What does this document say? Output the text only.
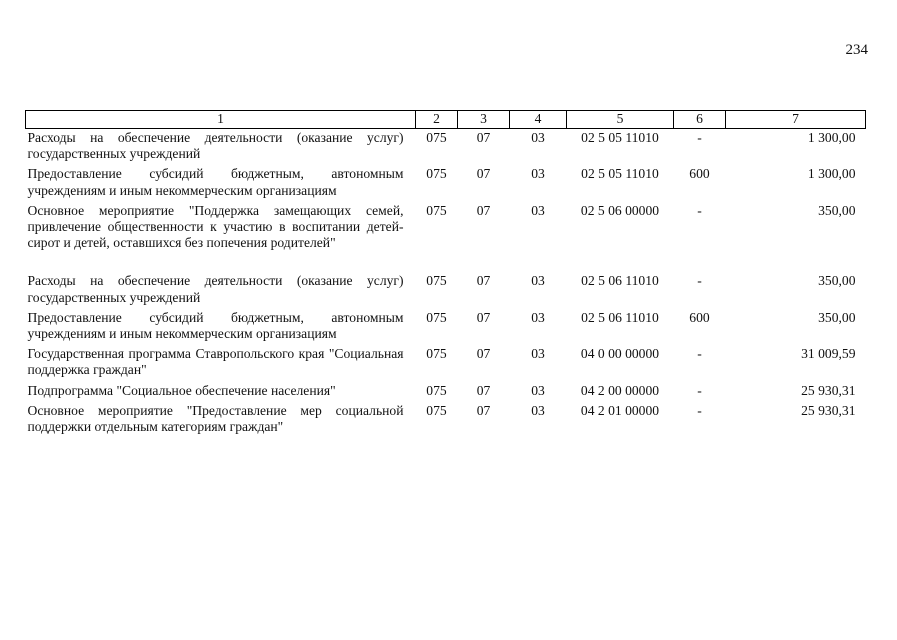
234
1	2	3	4	5	6	7
Расходы на обеспечение деятельности (оказание услуг) государственных учреждений	075	07	03	02 5 05 11010	-	1 300,00
Предоставление субсидий бюджетным, автономным учреждениям и иным некоммерческим организациям	075	07	03	02 5 05 11010	600	1 300,00
Основное мероприятие "Поддержка замещающих семей, привлечение общественности к участию в воспитании детей-сирот и детей, оставшихся без попечения родителей"	075	07	03	02 5 06 00000	-	350,00

Расходы на обеспечение деятельности (оказание услуг) государственных учреждений	075	07	03	02 5 06 11010	-	350,00
Предоставление субсидий бюджетным, автономным учреждениям и иным некоммерческим организациям	075	07	03	02 5 06 11010	600	350,00
Государственная программа Ставропольского края "Социальная поддержка граждан"	075	07	03	04 0 00 00000	-	31 009,59
Подпрограмма "Социальное обеспечение населения"	075	07	03	04 2 00 00000	-	25 930,31
Основное мероприятие "Предоставление мер социальной поддержки отдельным категориям граждан"	075	07	03	04 2 01 00000	-	25 930,31
